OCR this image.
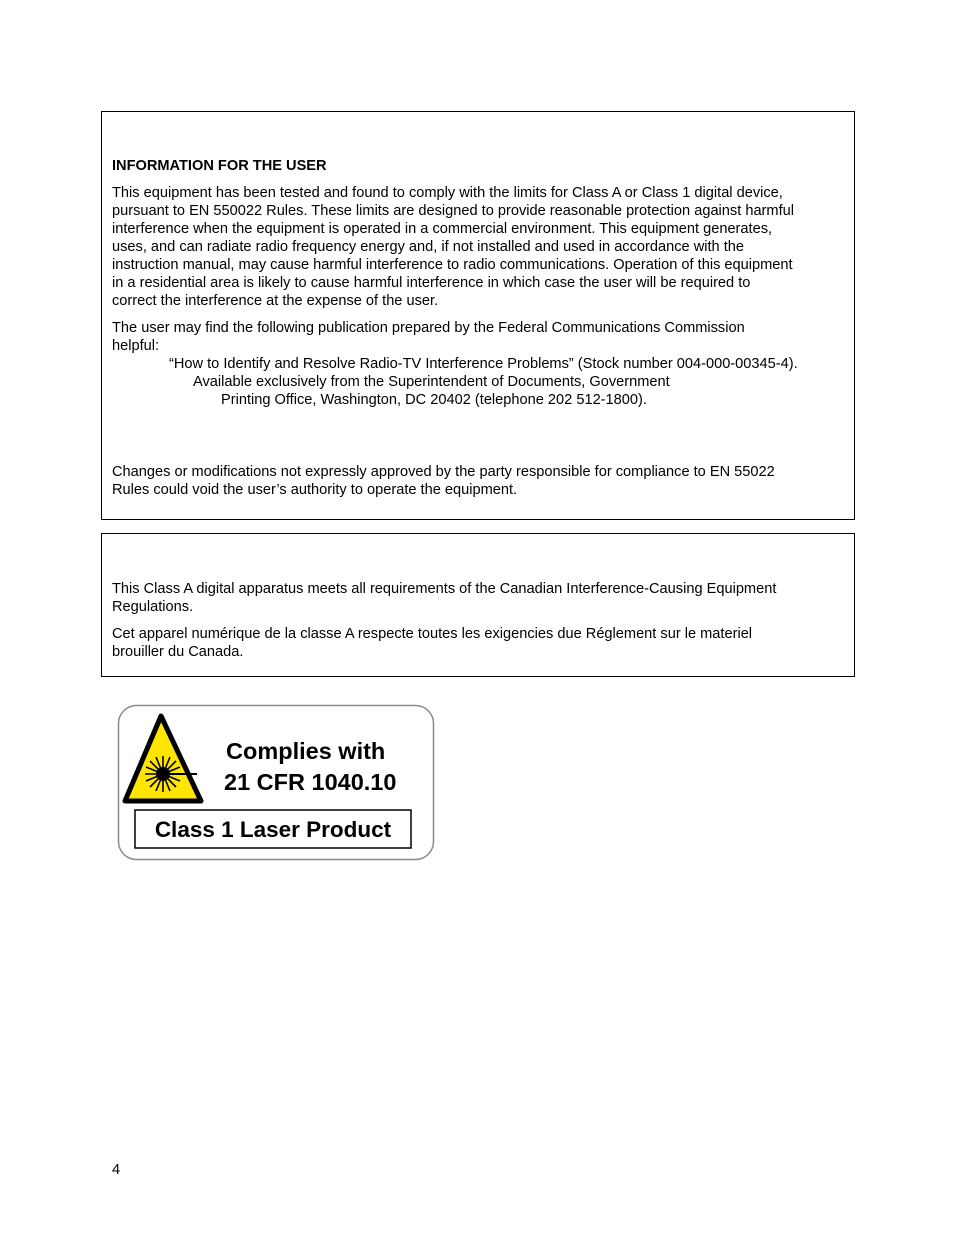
INFORMATION FOR THE USER
This equipment has been tested and found to comply with the limits for Class A or Class 1 digital device,
pursuant to EN 550022 Rules. These limits are designed to provide reasonable protection against harmful
interference when the equipment is operated in a commercial environment. This equipment generates,
uses, and can radiate radio frequency energy and, if not installed and used in accordance with the
instruction manual, may cause harmful interference to radio communications. Operation of this equipment
in a residential area is likely to cause harmful interference in which case the user will be required to
correct the interference at the expense of the user.
The user may find the following publication prepared by the Federal Communications Commission
helpful:
“How to Identify and Resolve Radio-TV Interference Problems” (Stock number 004-000-00345-4).
Available exclusively from the Superintendent of Documents, Government
Printing Office, Washington, DC 20402 (telephone 202 512-1800).
Changes or modifications not expressly approved by the party responsible for compliance to EN 55022
Rules could void the user’s authority to operate the equipment.
This Class A digital apparatus meets all requirements of the Canadian Interference-Causing Equipment
Regulations.
Cet apparel numérique de la classe A respecte toutes les exigencies due Réglement sur le materiel
brouiller du Canada.
Complies with
21 CFR 1040.10
Class 1 Laser Product
4
